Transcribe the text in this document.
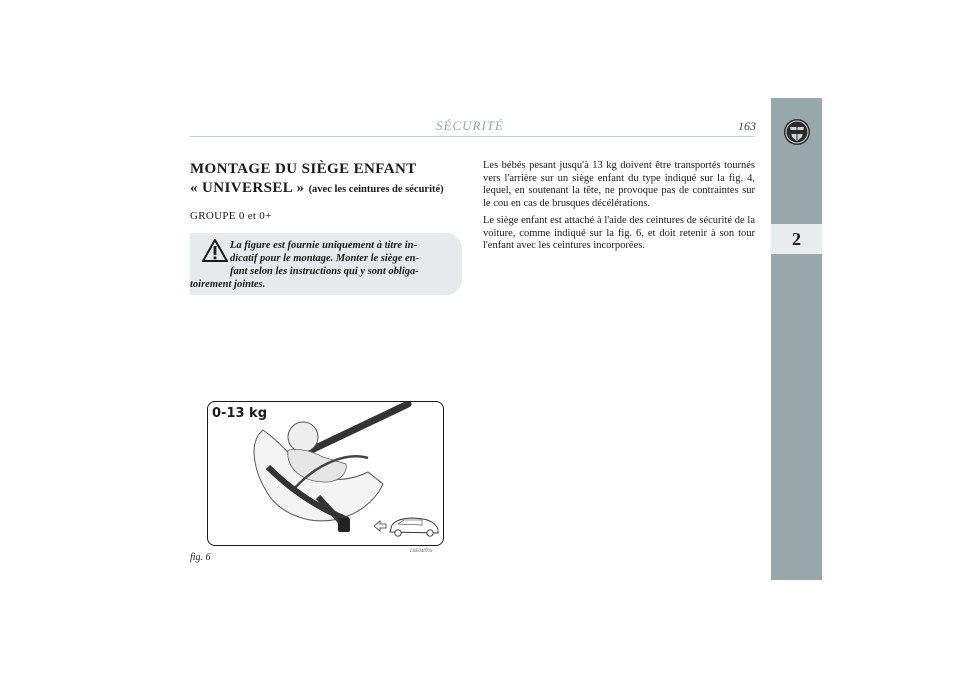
SÉCURITÉ	163
2
MONTAGE DU SIÈGE ENFANT
« UNIVERSEL » (avec les ceintures de sécurité)
GROUPE 0 et 0+
La figure est fournie uniquement à titre in-
dicatif pour le montage. Monter le siège en-
fant selon les instructions qui y sont obliga-
toirement jointes.

Les bébés pesant jusqu'à 13 kg doivent être transportés tournés vers l'arrière sur un siège enfant du type indiqué sur la fig. 4, lequel, en soutenant la tête, ne provoque pas de contraintes sur le cou en cas de brusques décélérations.

Le siège enfant est attaché à l'aide des ceintures de sécurité de la voiture, comme indiqué sur la fig. 6, et doit retenir à son tour l'enfant avec les ceintures incorporées.

0-13 kg
fig. 6
L0E0407m
